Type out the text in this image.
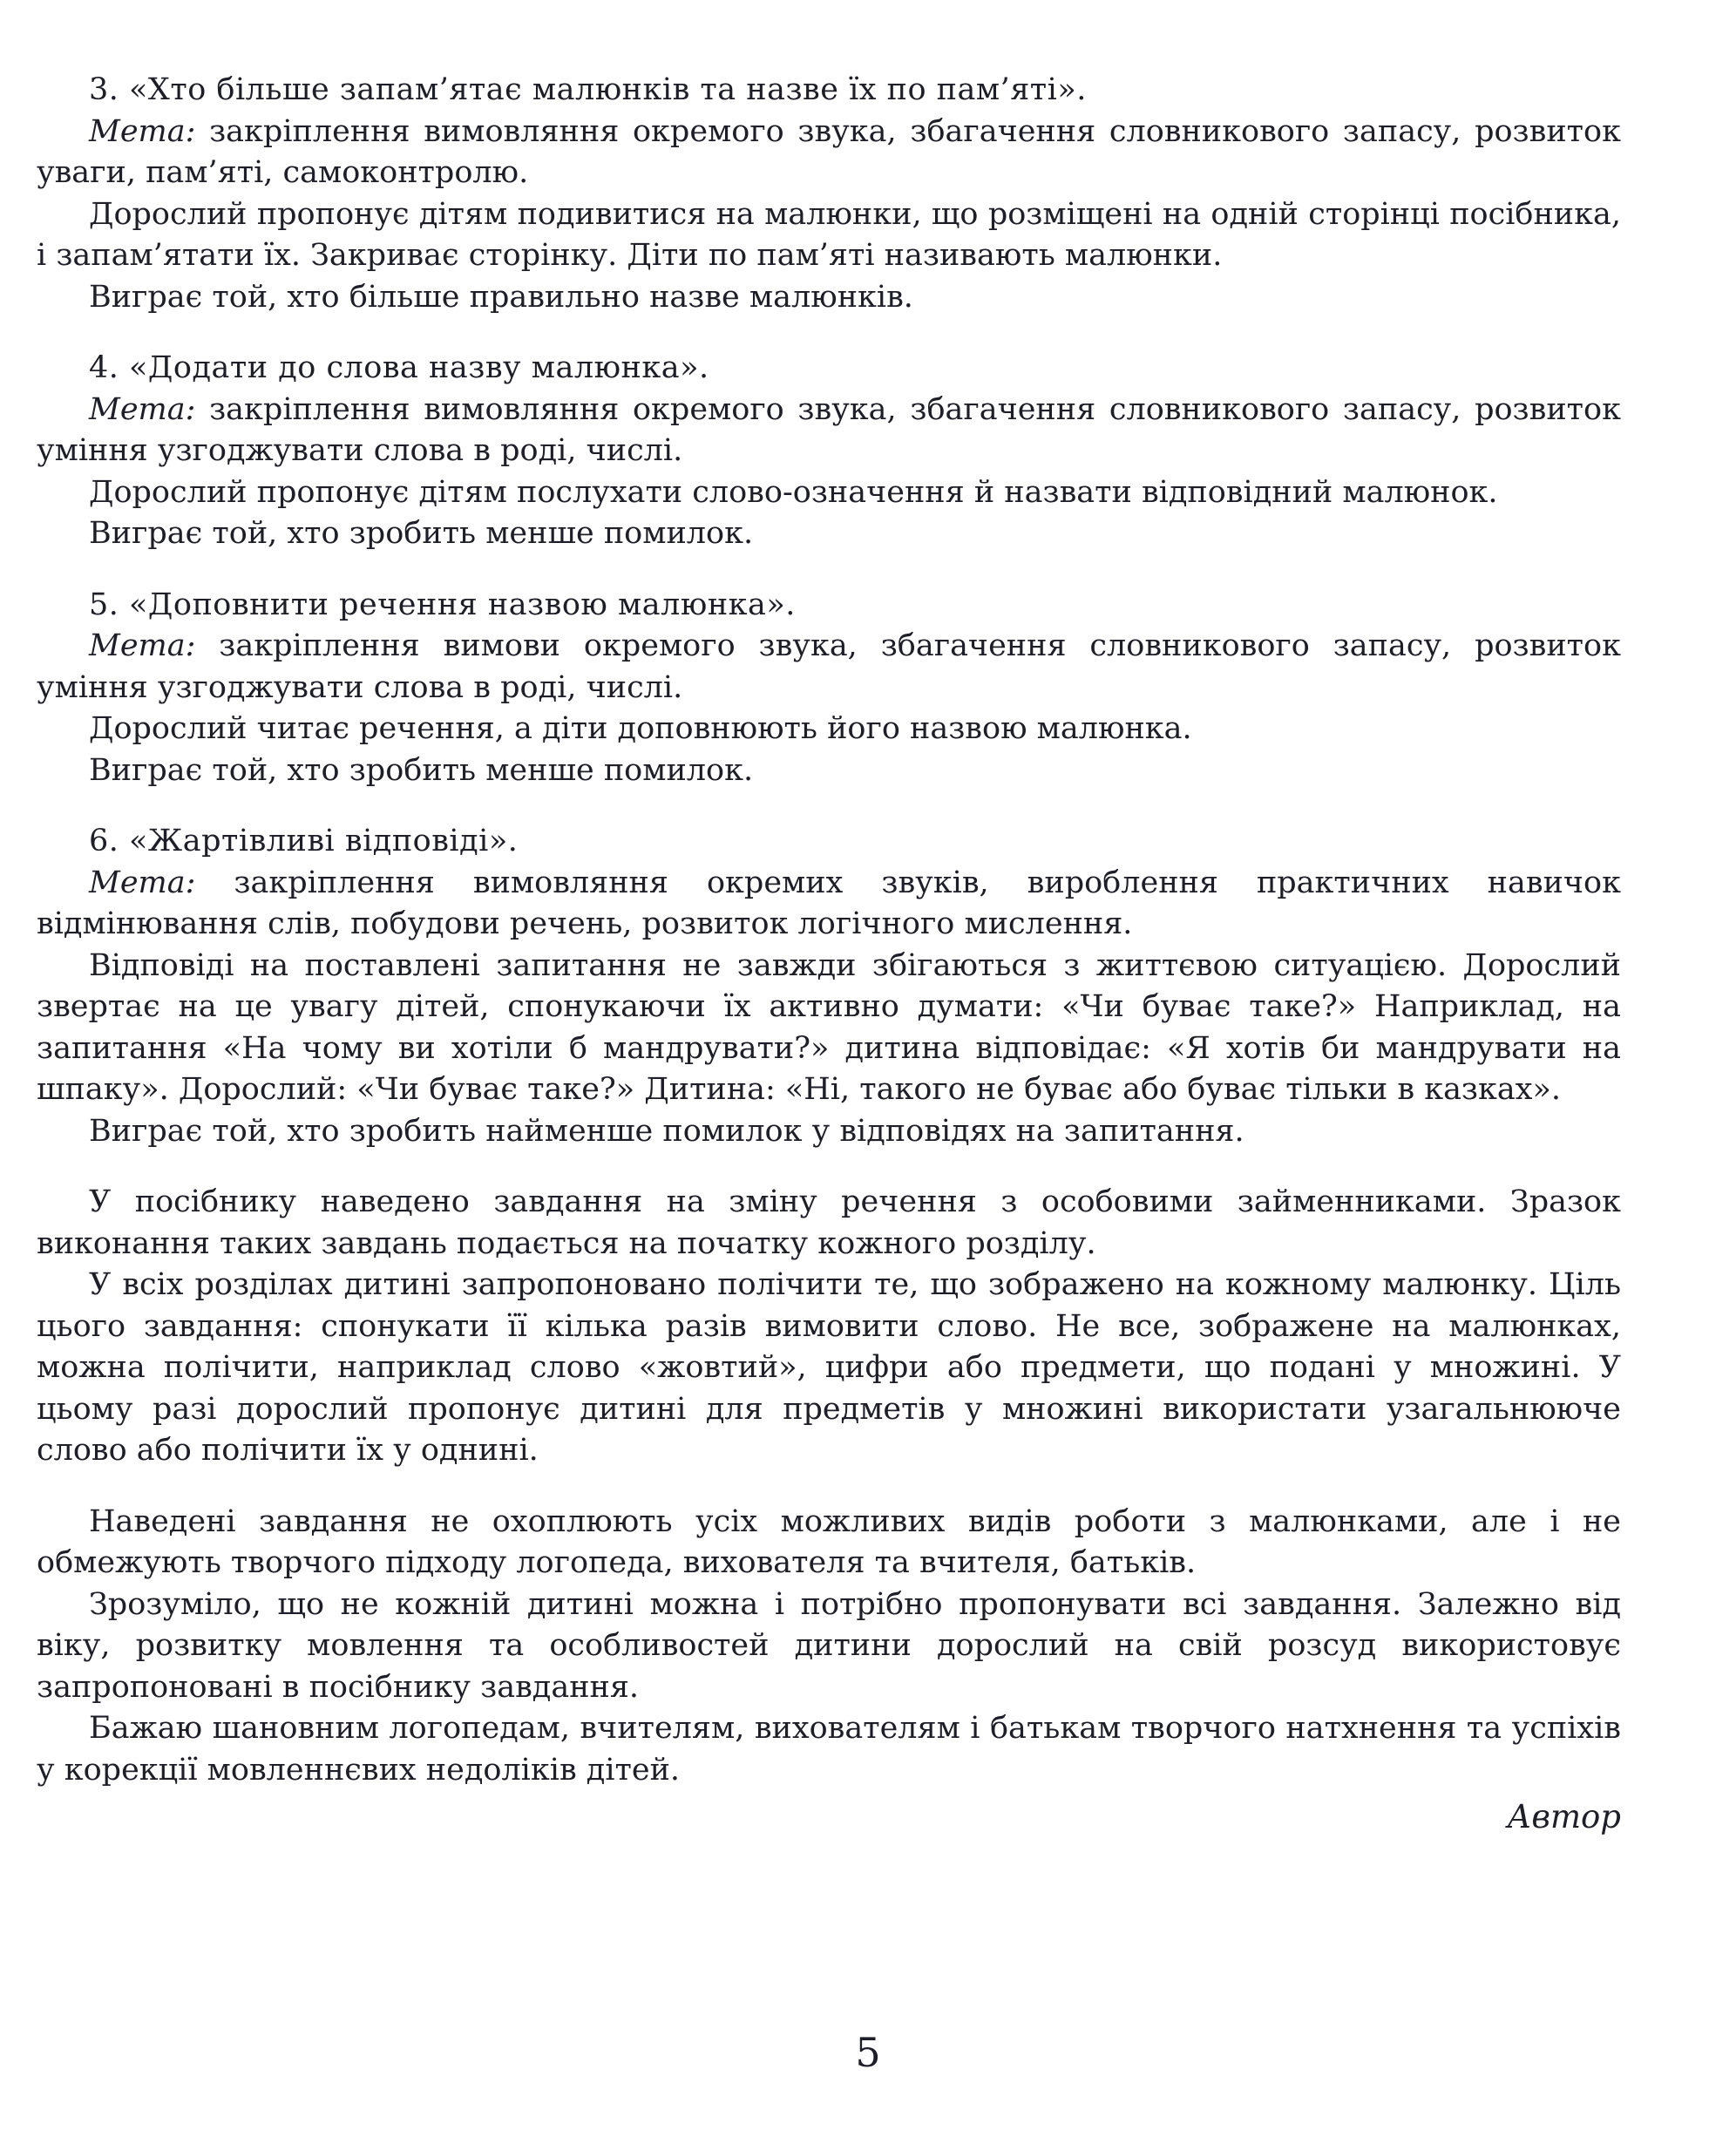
3. «Хто більше запам’ятає малюнків та назве їх по пам’яті».

Мета: закріплення вимовляння окремого звука, збагачення словникового запасу, розвиток уваги, пам’яті, самоконтролю.

Дорослий пропонує дітям подивитися на малюнки, що розміщені на одній сторінці посібника, і запам’ятати їх. Закриває сторінку. Діти по пам’яті називають малюнки.

Виграє той, хто більше правильно назве малюнків.

4. «Додати до слова назву малюнка».

Мета: закріплення вимовляння окремого звука, збагачення словникового запасу, розвиток уміння узгоджувати слова в роді, числі.

Дорослий пропонує дітям послухати слово-означення й назвати відповідний малюнок.

Виграє той, хто зробить менше помилок.

5. «Доповнити речення назвою малюнка».

Мета: закріплення вимови окремого звука, збагачення словникового запасу, розвиток уміння узгоджувати слова в роді, числі.

Дорослий читає речення, а діти доповнюють його назвою малюнка.

Виграє той, хто зробить менше помилок.

6. «Жартівливі відповіді».

Мета: закріплення вимовляння окремих звуків, вироблення практичних навичок відмінювання слів, побудови речень, розвиток логічного мислення.

Відповіді на поставлені запитання не завжди збігаються з життєвою ситуацією. Дорослий звертає на це увагу дітей, спонукаючи їх активно думати: «Чи буває таке?» Наприклад, на запитання «На чому ви хотіли б мандрувати?» дитина відповідає: «Я хотів би мандрувати на шпаку». Дорослий: «Чи буває таке?» Дитина: «Ні, такого не буває або буває тільки в казках».

Виграє той, хто зробить найменше помилок у відповідях на запитання.

У посібнику наведено завдання на зміну речення з особовими займенниками. Зразок виконання таких завдань подається на початку кожного розділу.

У всіх розділах дитині запропоновано полічити те, що зображено на кожному малюнку. Ціль цього завдання: спонукати її кілька разів вимовити слово. Не все, зображене на малюнках, можна полічити, наприклад слово «жовтий», цифри або предмети, що подані у множині. У цьому разі дорослий пропонує дитині для предметів у множині використати узагальнююче слово або полічити їх у однині.

Наведені завдання не охоплюють усіх можливих видів роботи з малюнками, але і не обмежують творчого підходу логопеда, вихователя та вчителя, батьків.

Зрозуміло, що не кожній дитині можна і потрібно пропонувати всі завдання. Залежно від віку, розвитку мовлення та особливостей дитини дорослий на свій розсуд використовує запропоновані в посібнику завдання.

Бажаю шановним логопедам, вчителям, вихователям і батькам творчого натхнення та успіхів у корекції мовленнєвих недоліків дітей.

Автор
5
